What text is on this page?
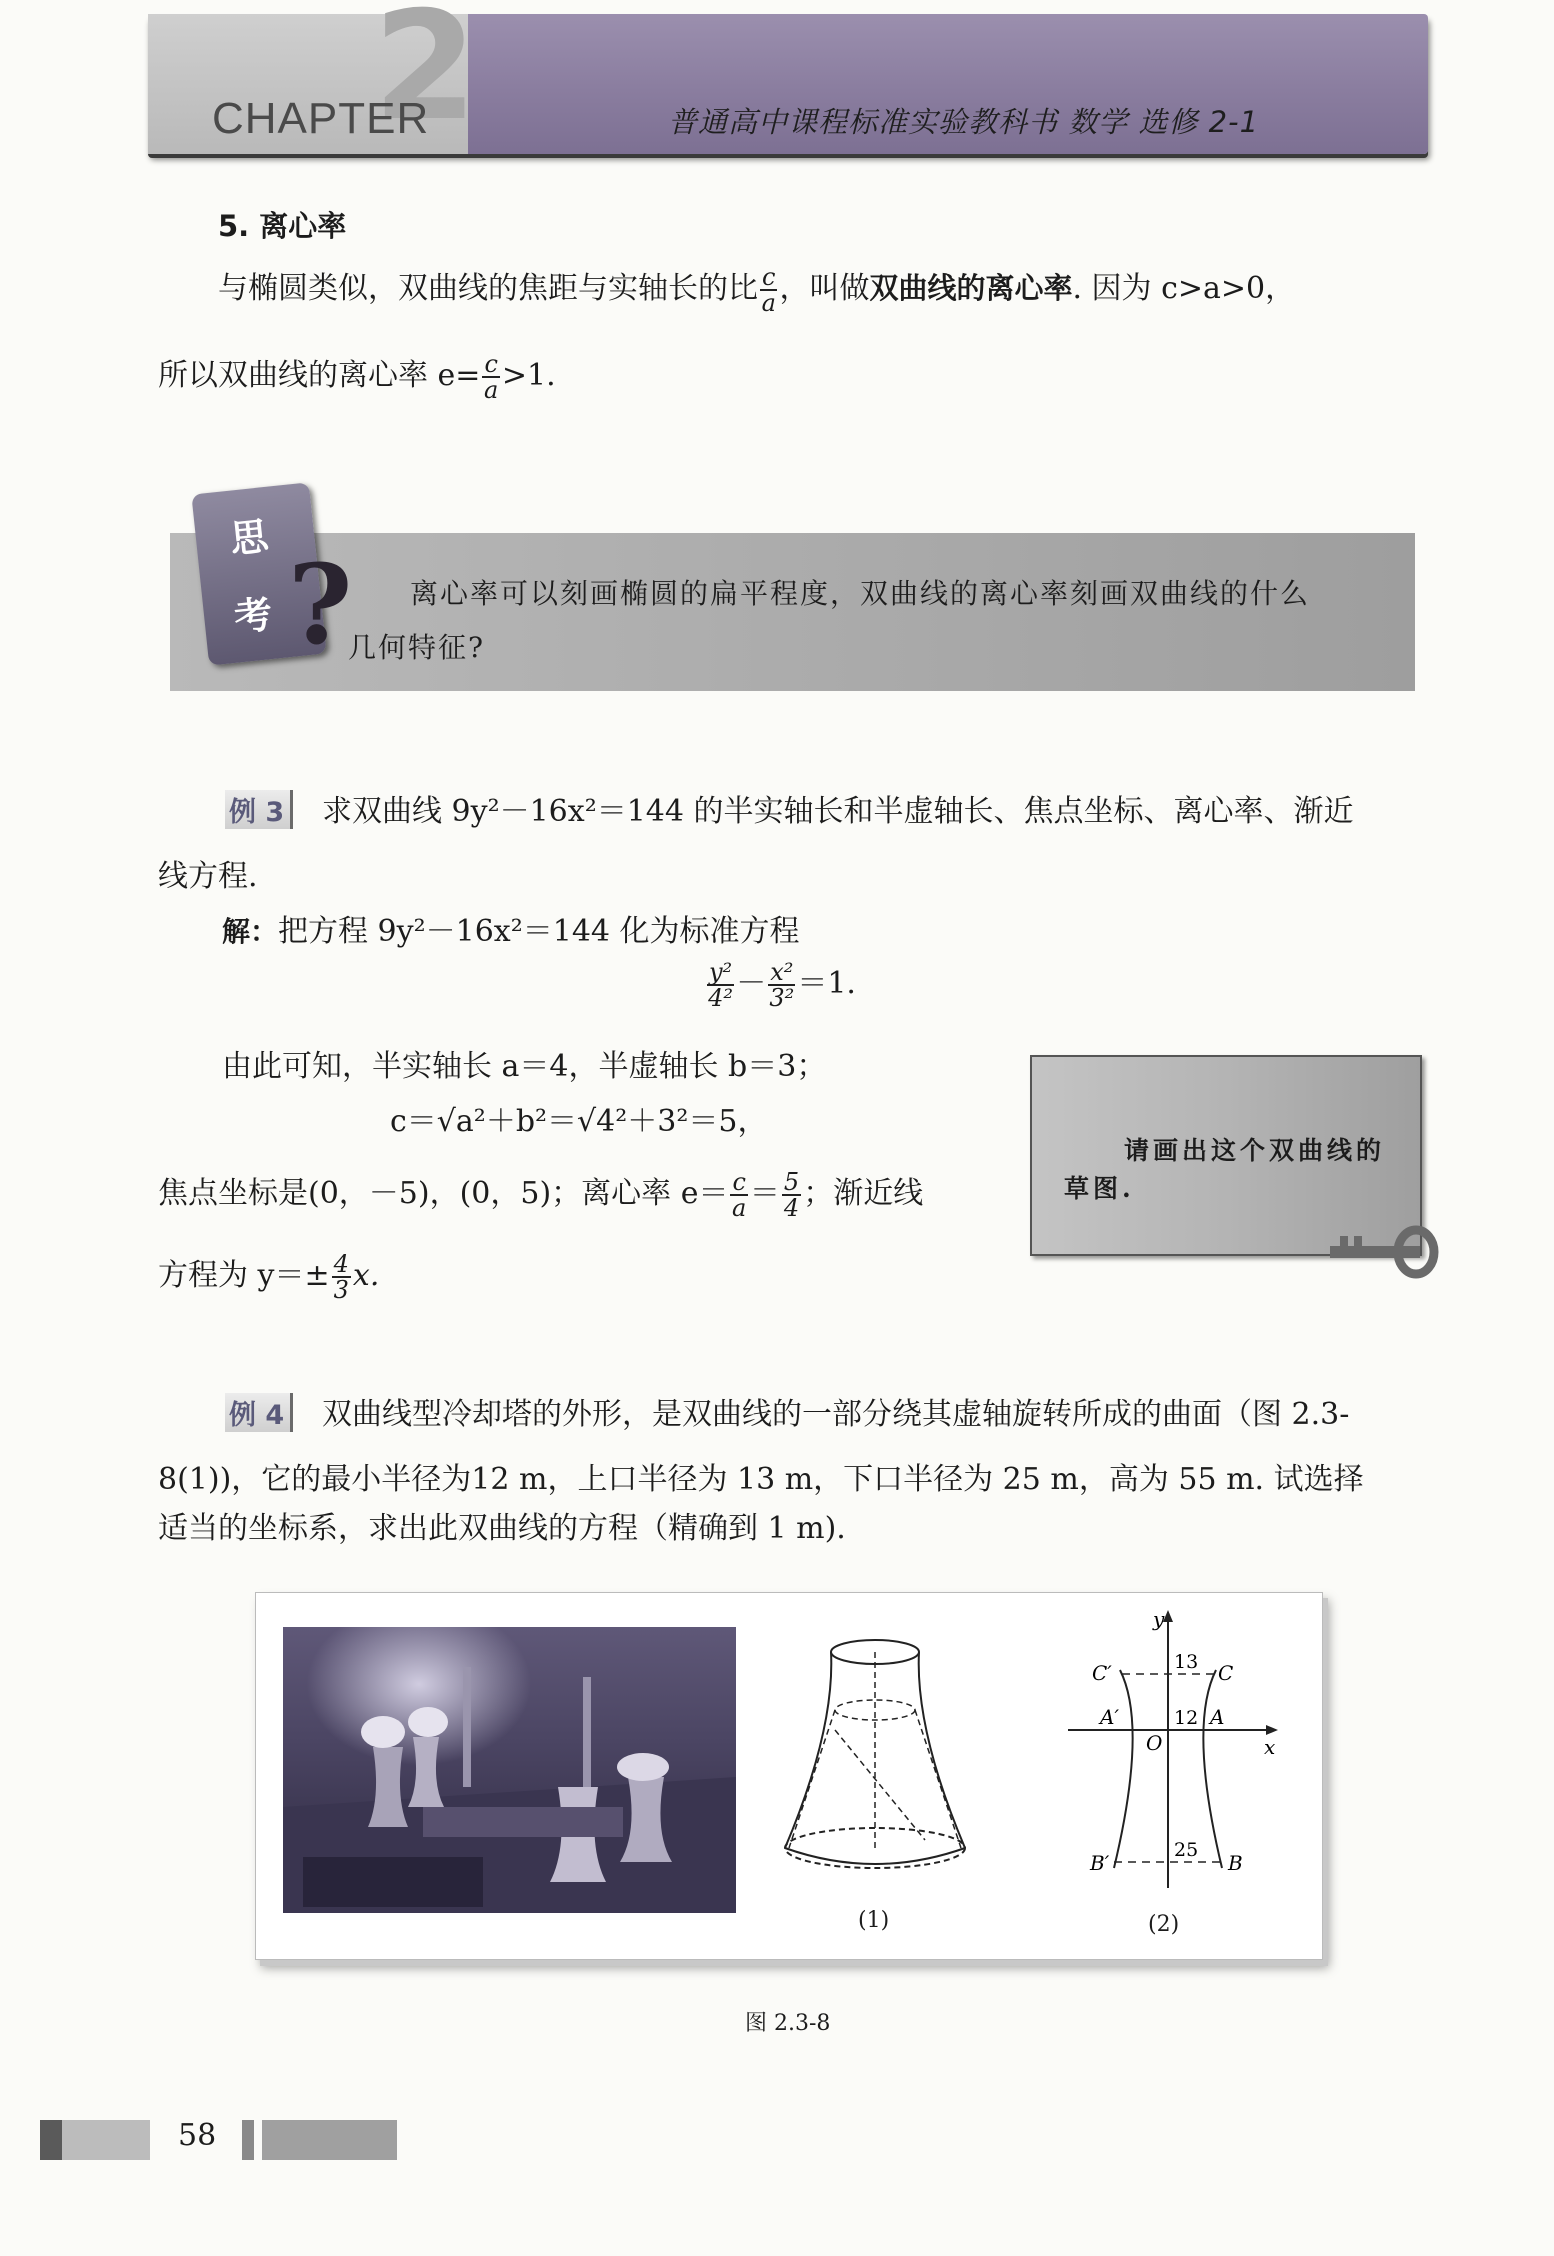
2
CHAPTER	普通高中课程标准实验教科书 数学 选修 2-1
5. 离心率
与椭圆类似，双曲线的焦距与实轴长的比 $\frac{c}{a}$ ，叫做双曲线的离心率. 因为 c>a>0，
所以双曲线的离心率 $e= \frac{c}{a} >1$.
思
考 ? 离心率可以刻画椭圆的扁平程度，双曲线的离心率刻画双曲线的什么
几何特征?
例 3	求双曲线 9y²－16x²＝144 的半实轴长和半虚轴长、焦点坐标、离心率、渐近
线方程.
解：把方程 9y²－16x²＝144 化为标准方程
$\frac{\text{y²}}{\text{4²}} - \frac{\text{x²}}{\text{3²}} =1$.
由此可知，半实轴长 a＝4，半虚轴长 b＝3；
c＝√a²＋b²＝√4²＋3²＝5，
焦点坐标是(0，－5)，(0，5)；离心率 $e= \frac{c}{a} = \frac{5}{4}$ ；渐近线
方程为 $y=\pm \frac{4}{3} x$.
请画出这个双曲线的
草图.
例 4	双曲线型冷却塔的外形，是双曲线的一部分绕其虚轴旋转所成的曲面（图 2.3-
8(1))，它的最小半径为12 m，上口半径为 13 m，下口半径为 25 m，高为 55 m. 试选择
适当的坐标系，求出此双曲线的方程（精确到 1 m).
(1)
y
x
O
C′	C
A′	A
B′	B
13
12
25
(2)
图 2.3-8
58
